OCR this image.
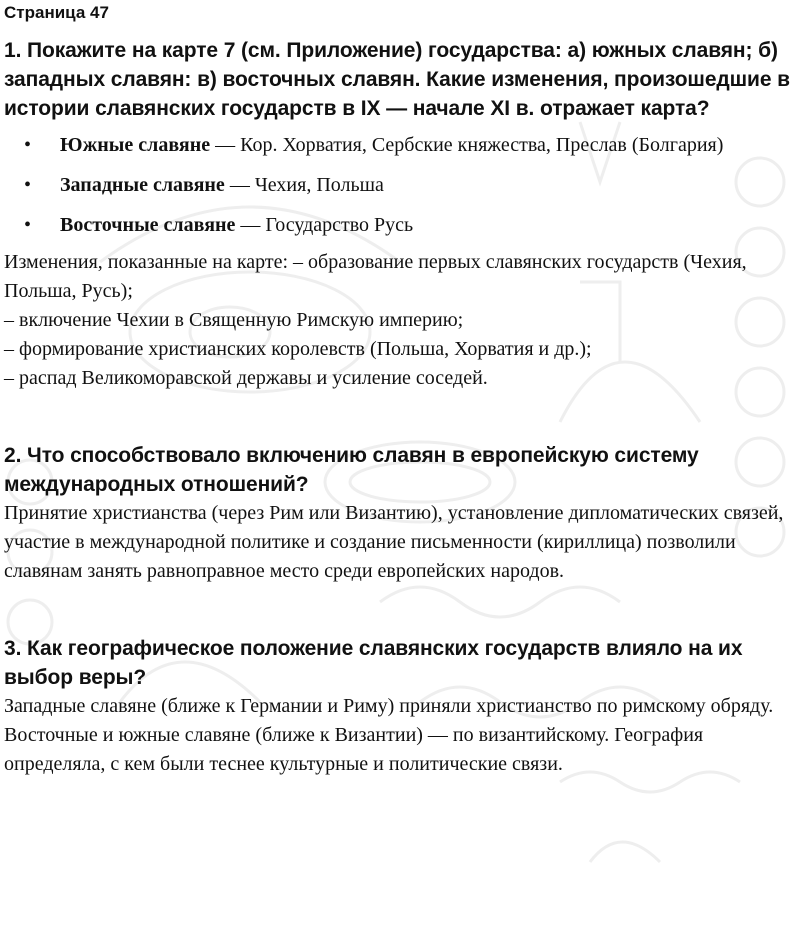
Страница 47
1. Покажите на карте 7 (см. Приложение) государства: а) южных славян; б) западных славян: в) восточных славян. Какие изменения, произошедшие в истории славянских государств в IX — начале XI в. отражает карта?
• Южные славяне — Кор. Хорватия, Сербские княжества, Преслав (Болгария)
• Западные славяне — Чехия, Польша
• Восточные славяне — Государство Русь

Изменения, показанные на карте: – образование первых славянских государств (Чехия, Польша, Русь);

– включение Чехии в Священную Римскую империю;

– формирование христианских королевств (Польша, Хорватия и др.);

– распад Великоморавской державы и усиление соседей.

2. Что способствовало включению славян в европейскую систему международных отношений?

Принятие христианства (через Рим или Византию), установление дипломатических связей, участие в международной политике и создание письменности (кириллица) позволили славянам занять равноправное место среди европейских народов.

3. Как географическое положение славянских государств влияло на их выбор веры?

Западные славяне (ближе к Германии и Риму) приняли христианство по римскому обряду. Восточные и южные славяне (ближе к Византии) — по византийскому. География определяла, с кем были теснее культурные и политические связи.
